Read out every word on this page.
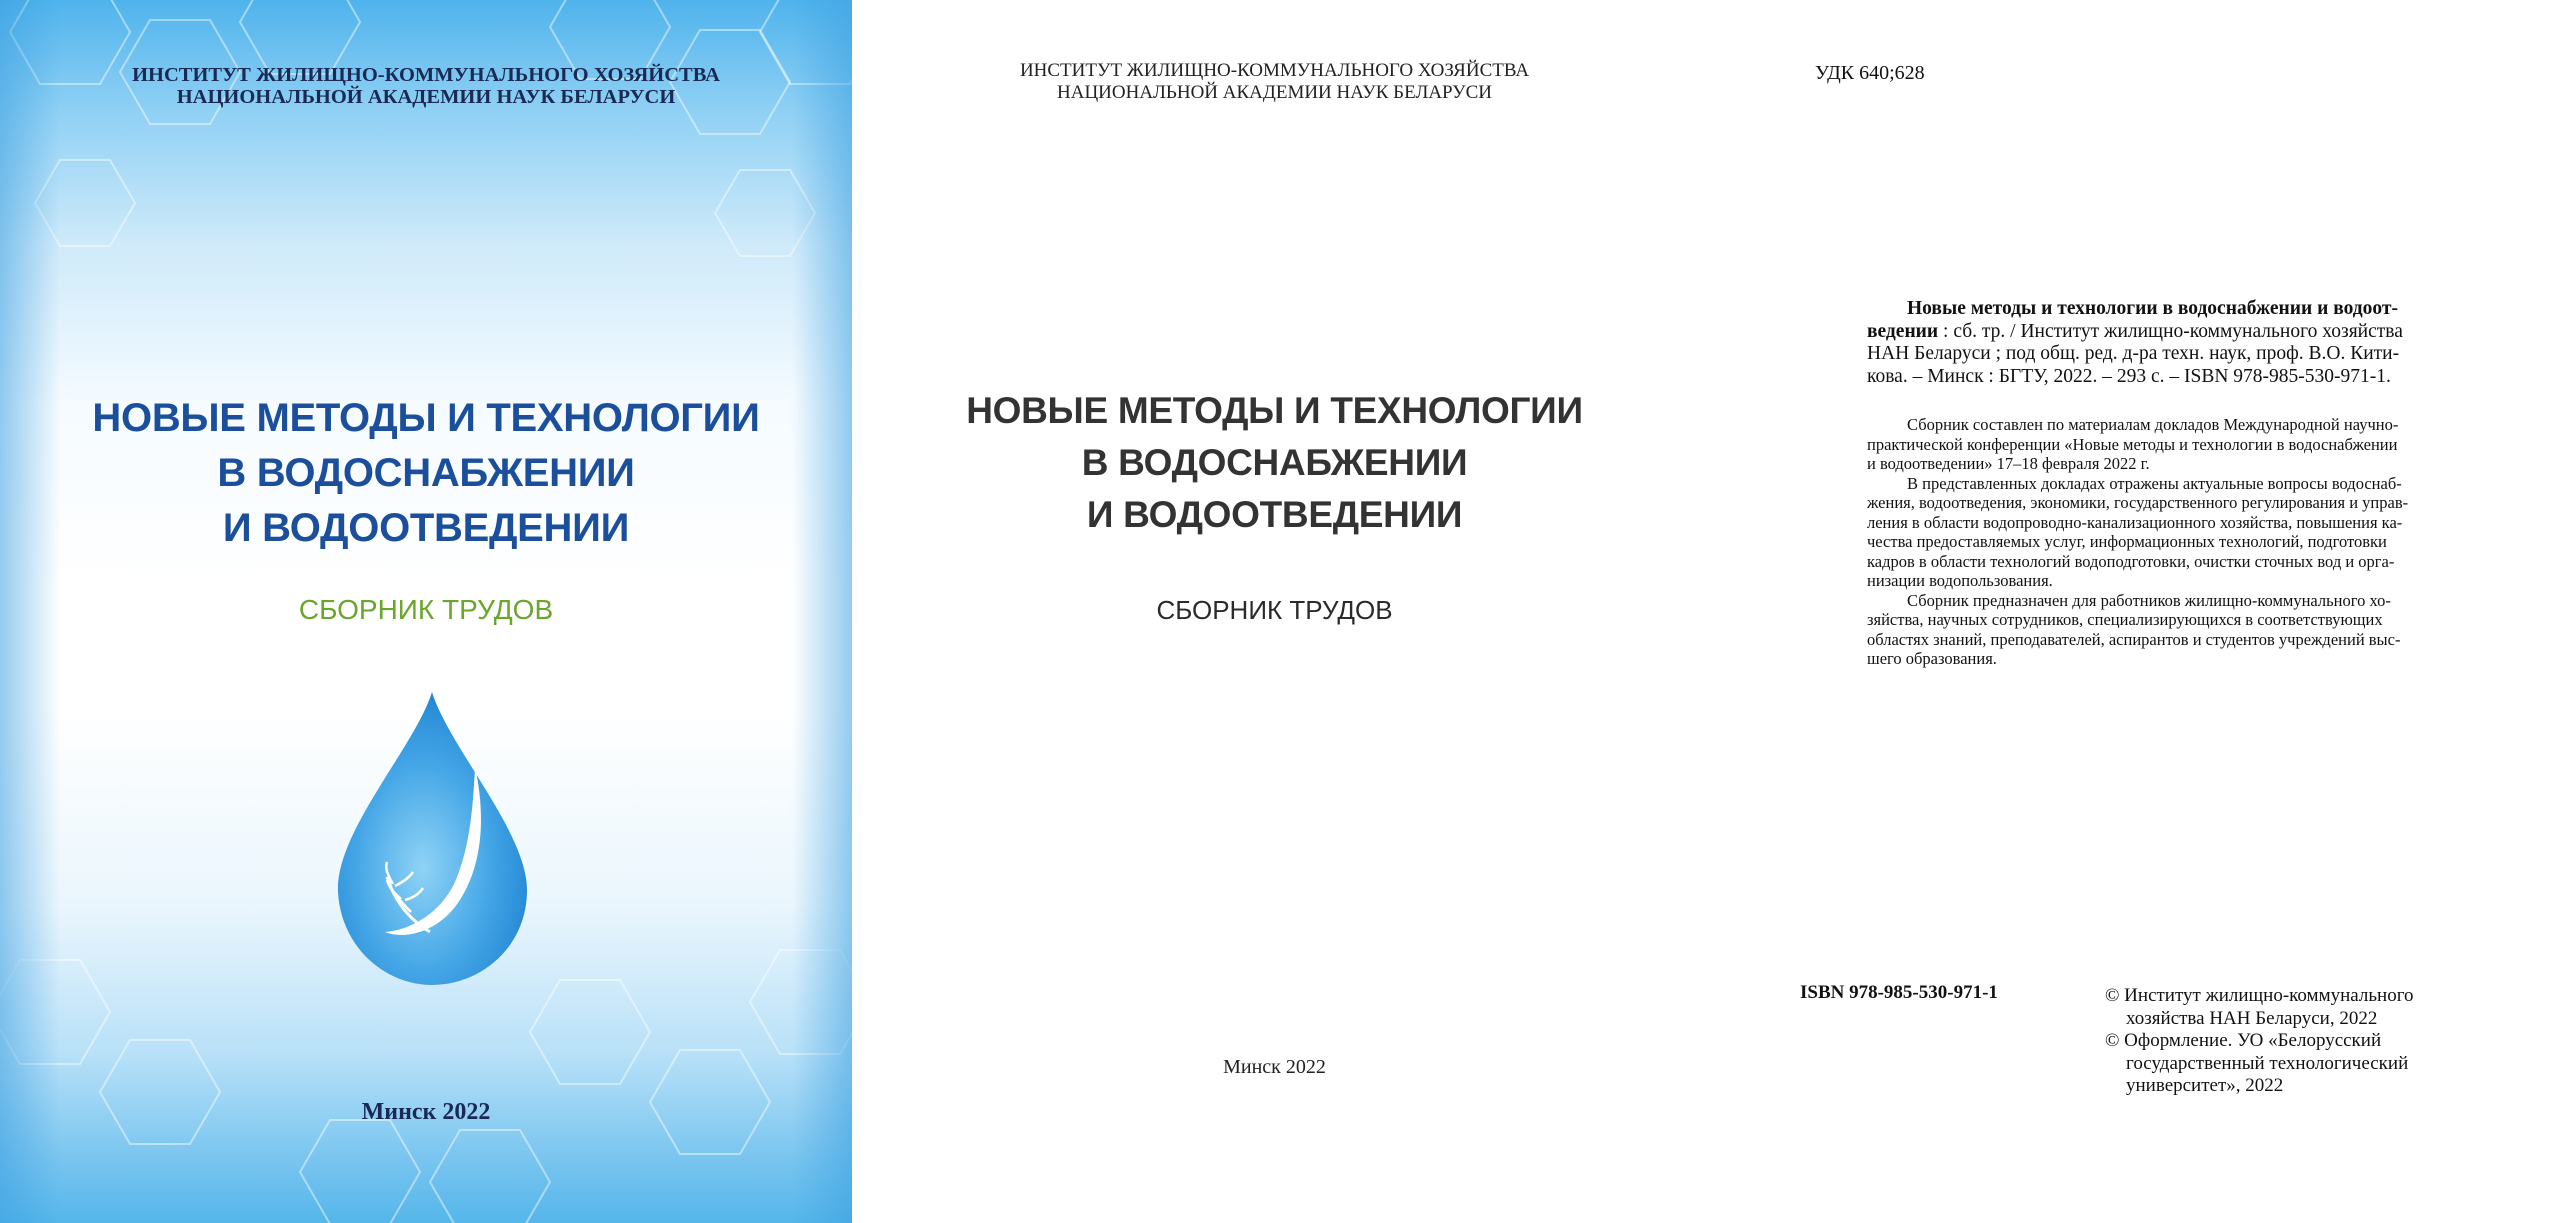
ИНСТИТУТ ЖИЛИЩНО-КОММУНАЛЬНОГО ХОЗЯЙСТВА
НАЦИОНАЛЬНОЙ АКАДЕМИИ НАУК БЕЛАРУСИ
НОВЫЕ МЕТОДЫ И ТЕХНОЛОГИИ
В ВОДОСНАБЖЕНИИ
И ВОДООТВЕДЕНИИ
СБОРНИК ТРУДОВ
Минск 2022
ИНСТИТУТ ЖИЛИЩНО-КОММУНАЛЬНОГО ХОЗЯЙСТВА
НАЦИОНАЛЬНОЙ АКАДЕМИИ НАУК БЕЛАРУСИ
НОВЫЕ МЕТОДЫ И ТЕХНОЛОГИИ
В ВОДОСНАБЖЕНИИ
И ВОДООТВЕДЕНИИ
СБОРНИК ТРУДОВ
Минск 2022
УДК 640;628
Новые методы и технологии в водоснабжении и водоот-
ведении : сб. тр. / Институт жилищно-коммунального хозяйства
НАН Беларуси ; под общ. ред. д-ра техн. наук, проф. В.О. Кити-
кова. – Минск : БГТУ, 2022. – 293 с. – ISBN 978-985-530-971-1.
Сборник составлен по материалам докладов Международной научно-
практической конференции «Новые методы и технологии в водоснабжении
и водоотведении» 17–18 февраля 2022 г.
В представленных докладах отражены актуальные вопросы водоснаб-
жения, водоотведения, экономики, государственного регулирования и управ-
ления в области водопроводно-канализационного хозяйства, повышения ка-
чества предоставляемых услуг, информационных технологий, подготовки
кадров в области технологий водоподготовки, очистки сточных вод и орга-
низации водопользования.
Сборник предназначен для работников жилищно-коммунального хо-
зяйства, научных сотрудников, специализирующихся в соответствующих
областях знаний, преподавателей, аспирантов и студентов учреждений выс-
шего образования.
ISBN 978-985-530-971-1	© Институт жилищно-коммунального
хозяйства НАН Беларуси, 2022
© Оформление. УО «Белорусский
государственный технологический
университет», 2022
